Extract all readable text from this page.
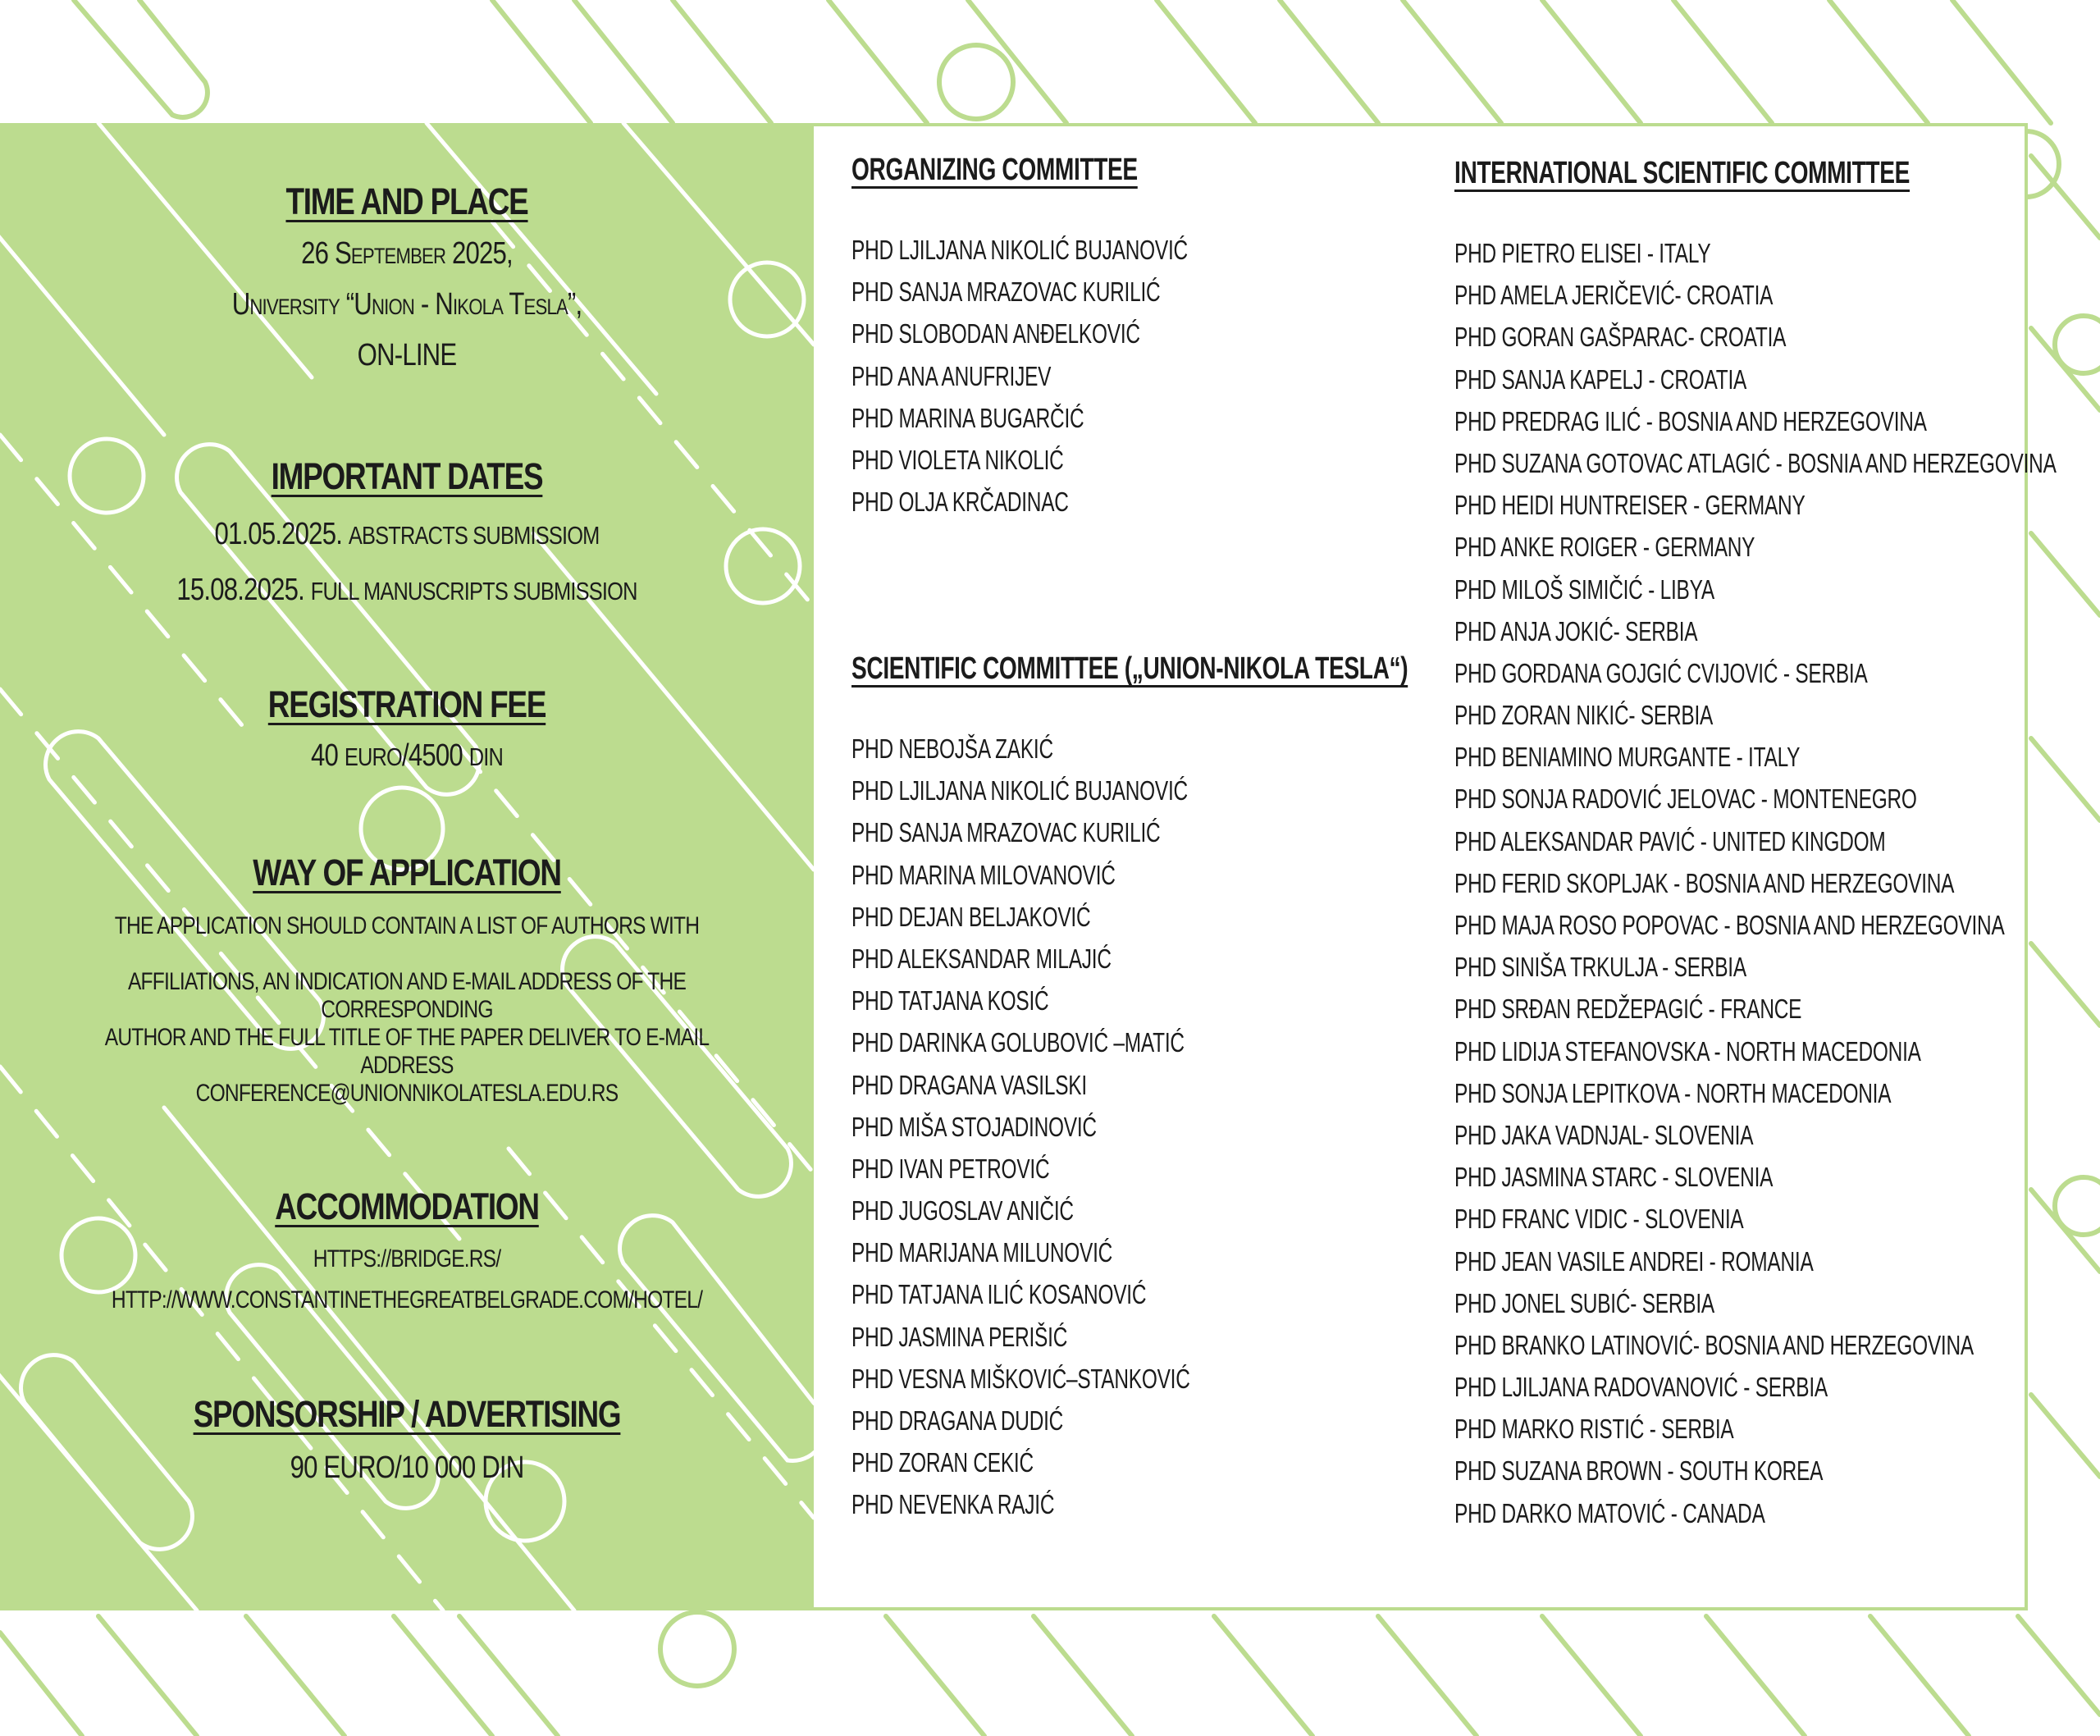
TIME AND PLACE
26 September 2025,
University “Union - Nikola Tesla”,
ON-LINE
IMPORTANT DATES
01.05.2025. ABSTRACTS SUBMISSIOM
15.08.2025. FULL MANUSCRIPTS SUBMISSION
REGISTRATION FEE
40 EURO/4500 DIN
WAY OF APPLICATION
THE APPLICATION SHOULD CONTAIN A LIST OF AUTHORS WITH
AFFILIATIONS, AN INDICATION AND E-MAIL ADDRESS OF THE CORRESPONDING
AUTHOR AND THE FULL TITLE OF THE PAPER DELIVER TO E-MAIL ADDRESS
CONFERENCE@UNIONNIKOLATESLA.EDU.RS
ACCOMMODATION
HTTPS://BRIDGE.RS/
HTTP://WWW.CONSTANTINETHEGREATBELGRADE.COM/HOTEL/
SPONSORSHIP / ADVERTISING
90 EURO/10 000 DIN
ORGANIZING COMMITTEE
PHD LJILJANA NIKOLIĆ BUJANOVIĆ
PHD SANJA MRAZOVAC KURILIĆ
PHD SLOBODAN ANĐELKOVIĆ
PHD ANA ANUFRIJEV
PHD MARINA BUGARČIĆ
PHD VIOLETA NIKOLIĆ
PHD OLJA KRČADINAC
SCIENTIFIC COMMITTEE („UNION-NIKOLA TESLA“)
PHD NEBOJŠA ZAKIĆ
PHD LJILJANA NIKOLIĆ BUJANOVIĆ
PHD SANJA MRAZOVAC KURILIĆ
PHD MARINA MILOVANOVIĆ
PHD DEJAN BELJAKOVIĆ
PHD ALEKSANDAR MILAJIĆ
PHD TATJANA KOSIĆ
PHD DARINKA GOLUBOVIĆ –MATIĆ
PHD DRAGANA VASILSKI
PHD MIŠA STOJADINOVIĆ
PHD IVAN PETROVIĆ
PHD JUGOSLAV ANIČIĆ
PHD MARIJANA MILUNOVIĆ
PHD TATJANA ILIĆ KOSANOVIĆ
PHD JASMINA PERIŠIĆ
PHD VESNA MIŠKOVIĆ–STANKOVIĆ
PHD DRAGANA DUDIĆ
PHD ZORAN CEKIĆ
PHD NEVENKA RAJIĆ
INTERNATIONAL SCIENTIFIC COMMITTEE
PHD PIETRO ELISEI - ITALY
PHD AMELA JERIČEVIĆ- CROATIA
PHD GORAN GAŠPARAC- CROATIA
PHD SANJA KAPELJ - CROATIA
PHD PREDRAG ILIĆ - BOSNIA AND HERZEGOVINA
PHD SUZANA GOTOVAC ATLAGIĆ - BOSNIA AND HERZEGOVINA
PHD HEIDI HUNTREISER - GERMANY
PHD ANKE ROIGER - GERMANY
PHD MILOŠ SIMIČIĆ - LIBYA
PHD ANJA JOKIĆ- SERBIA
PHD GORDANA GOJGIĆ CVIJOVIĆ - SERBIA
PHD ZORAN NIKIĆ- SERBIA
PHD BENIAMINO MURGANTE - ITALY
PHD SONJA RADOVIĆ JELOVAC - MONTENEGRO
PHD ALEKSANDAR PAVIĆ - UNITED KINGDOM
PHD FERID SKOPLJAK - BOSNIA AND HERZEGOVINA
PHD MAJA ROSO POPOVAC - BOSNIA AND HERZEGOVINA
PHD SINIŠA TRKULJA - SERBIA
PHD SRĐAN REDŽEPAGIĆ - FRANCE
PHD LIDIJA STEFANOVSKA - NORTH MACEDONIA
PHD SONJA LEPITKOVA - NORTH MACEDONIA
PHD JAKA VADNJAL- SLOVENIA
PHD JASMINA STARC - SLOVENIA
PHD FRANC VIDIC - SLOVENIA
PHD JEAN VASILE ANDREI - ROMANIA
PHD JONEL SUBIĆ- SERBIA
PHD BRANKO LATINOVIĆ- BOSNIA AND HERZEGOVINA
PHD LJILJANA RADOVANOVIĆ - SERBIA
PHD MARKO RISTIĆ - SERBIA
PHD SUZANA BROWN - SOUTH KOREA
PHD DARKO MATOVIĆ - CANADA
